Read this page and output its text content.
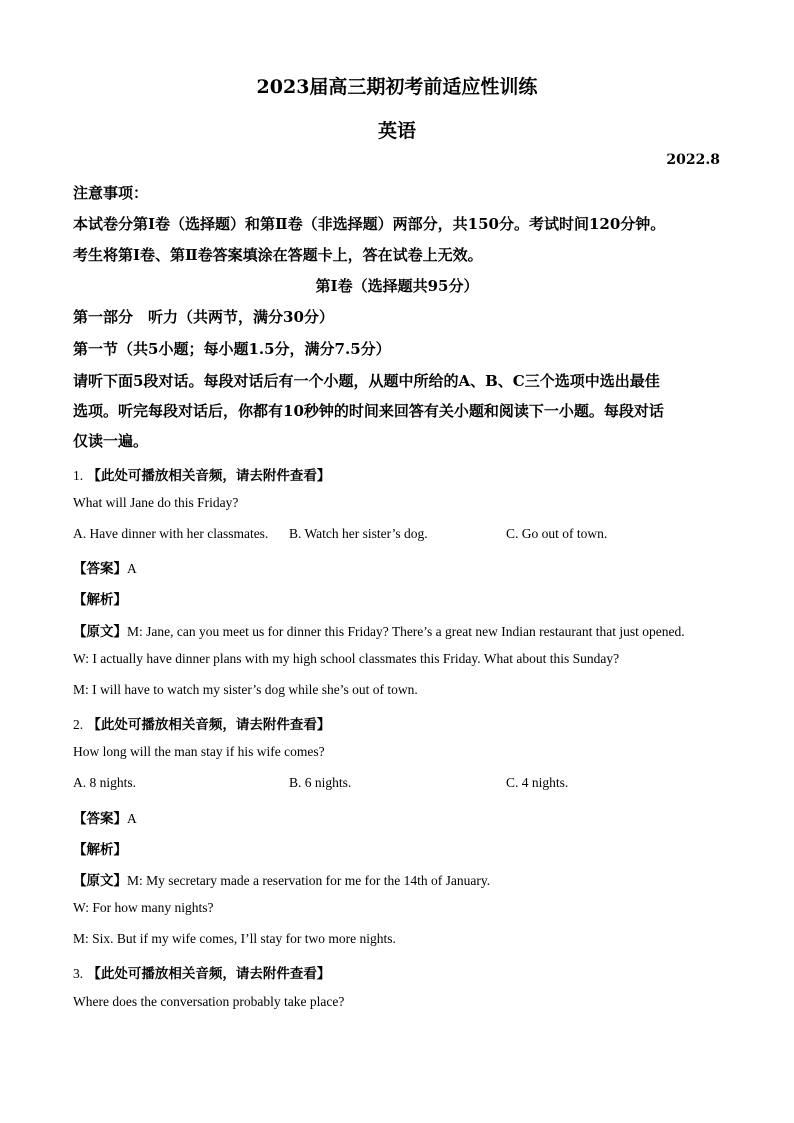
2023届高三期初考前适应性训练
英语
2022.8
注意事项：
本试卷分第Ⅰ卷（选择题）和第Ⅱ卷（非选择题）两部分，共150分。考试时间120分钟。
考生将第Ⅰ卷、第Ⅱ卷答案填涂在答题卡上，答在试卷上无效。
第Ⅰ卷（选择题共95分）
第一部分　听力（共两节，满分30分）
第一节（共5小题；每小题1.5分，满分7.5分）
请听下面5段对话。每段对话后有一个小题，从题中所给的A、B、C三个选项中选出最佳
选项。听完每段对话后，你都有10秒钟的时间来回答有关小题和阅读下一小题。每段对话
仅读一遍。
1. 【此处可播放相关音频，请去附件查看】
What will Jane do this Friday?
A. Have dinner with her classmates. B. Watch her sister’s dog.	C. Go out of town.
【答案】A
【解析】
【原文】M: Jane, can you meet us for dinner this Friday? There’s a great new Indian restaurant that just opened.
W: I actually have dinner plans with my high school classmates this Friday. What about this Sunday?
M: I will have to watch my sister’s dog while she’s out of town.
2. 【此处可播放相关音频，请去附件查看】
How long will the man stay if his wife comes?
A. 8 nights.	B. 6 nights.	C. 4 nights.
【答案】A
【解析】
【原文】M: My secretary made a reservation for me for the 14th of January.
W: For how many nights?
M: Six. But if my wife comes, I’ll stay for two more nights.
3. 【此处可播放相关音频，请去附件查看】
Where does the conversation probably take place?
